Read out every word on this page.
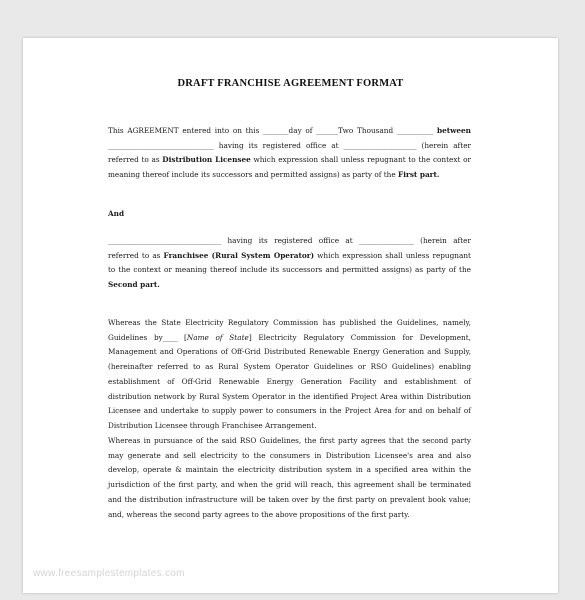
DRAFT FRANCHISE AGREEMENT FORMAT

This AGREEMENT entered into on this _______day of ______Two Thousand __________ between _____________________________ having its registered office at ____________________ (herein after referred to as Distribution Licensee which expression shall unless repugnant to the context or meaning thereof include its successors and permitted assigns) as party of the First part.

And

_______________________________ having its registered office at _______________ (herein after referred to as Franchisee (Rural System Operator) which expression shall unless repugnant to the context or meaning thereof include its successors and permitted assigns) as party of the Second part.

Whereas the State Electricity Regulatory Commission has published the Guidelines, namely, Guidelines by____ [Name of State] Electricity Regulatory Commission for Development, Management and Operations of Off-Grid Distributed Renewable Energy Generation and Supply, (hereinafter referred to as Rural System Operator Guidelines or RSO Guidelines) enabling establishment of Off-Grid Renewable Energy Generation Facility and establishment of distribution network by Rural System Operator in the identified Project Area within Distribution Licensee and undertake to supply power to consumers in the Project Area for and on behalf of Distribution Licensee through Franchisee Arrangement.

Whereas in pursuance of the said RSO Guidelines, the first party agrees that the second party may generate and sell electricity to the consumers in Distribution Licensee's area and also develop, operate & maintain the electricity distribution system in a specified area within the jurisdiction of the first party, and when the grid will reach, this agreement shall be terminated and the distribution infrastructure will be taken over by the first party on prevalent book value; and, whereas the second party agrees to the above propositions of the first party.

www.freesamplestemplates.com
